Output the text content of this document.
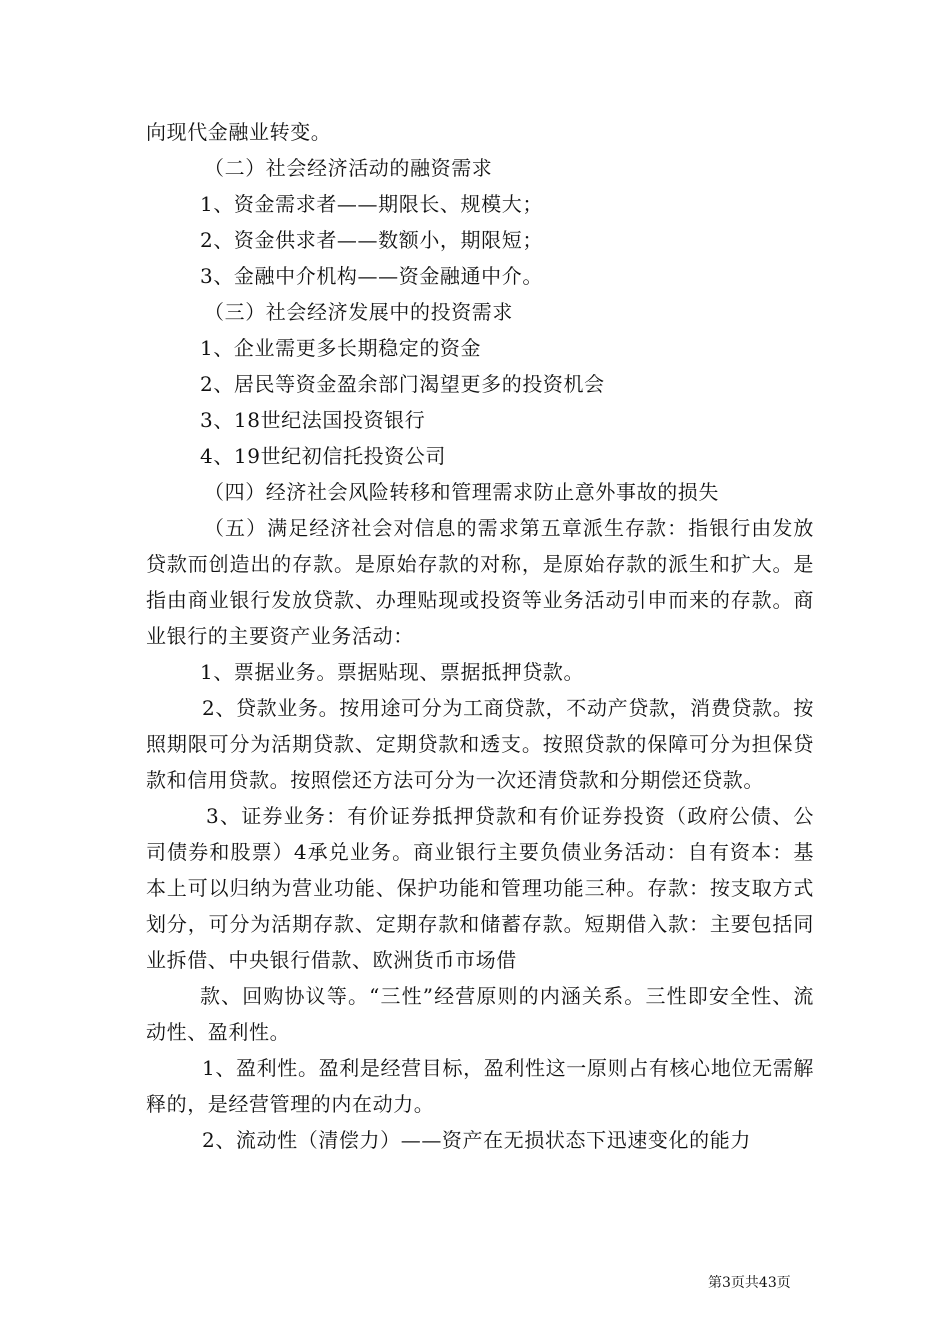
向现代金融业转变。

（二）社会经济活动的融资需求

1、资金需求者——期限长、规模大；

2、资金供求者——数额小，期限短；

3、金融中介机构——资金融通中介。

（三）社会经济发展中的投资需求

1、企业需更多长期稳定的资金

2、居民等资金盈余部门渴望更多的投资机会

3、18世纪法国投资银行

4、19世纪初信托投资公司

（四）经济社会风险转移和管理需求防止意外事故的损失

（五）满足经济社会对信息的需求第五章派生存款：指银行由发放贷款而创造出的存款。是原始存款的对称，是原始存款的派生和扩大。是指由商业银行发放贷款、办理贴现或投资等业务活动引申而来的存款。商业银行的主要资产业务活动：

1、票据业务。票据贴现、票据抵押贷款。

2、贷款业务。按用途可分为工商贷款，不动产贷款，消费贷款。按照期限可分为活期贷款、定期贷款和透支。按照贷款的保障可分为担保贷款和信用贷款。按照偿还方法可分为一次还清贷款和分期偿还贷款。

3、证券业务：有价证券抵押贷款和有价证券投资（政府公债、公司债券和股票）4承兑业务。商业银行主要负债业务活动：自有资本：基本上可以归纳为营业功能、保护功能和管理功能三种。存款：按支取方式划分，可分为活期存款、定期存款和储蓄存款。短期借入款：主要包括同业拆借、中央银行借款、欧洲货币市场借

款、回购协议等。“三性”经营原则的内涵关系。三性即安全性、流动性、盈利性。

1、盈利性。盈利是经营目标，盈利性这一原则占有核心地位无需解释的，是经营管理的内在动力。

2、流动性（清偿力）——资产在无损状态下迅速变化的能力

第3页共43页
